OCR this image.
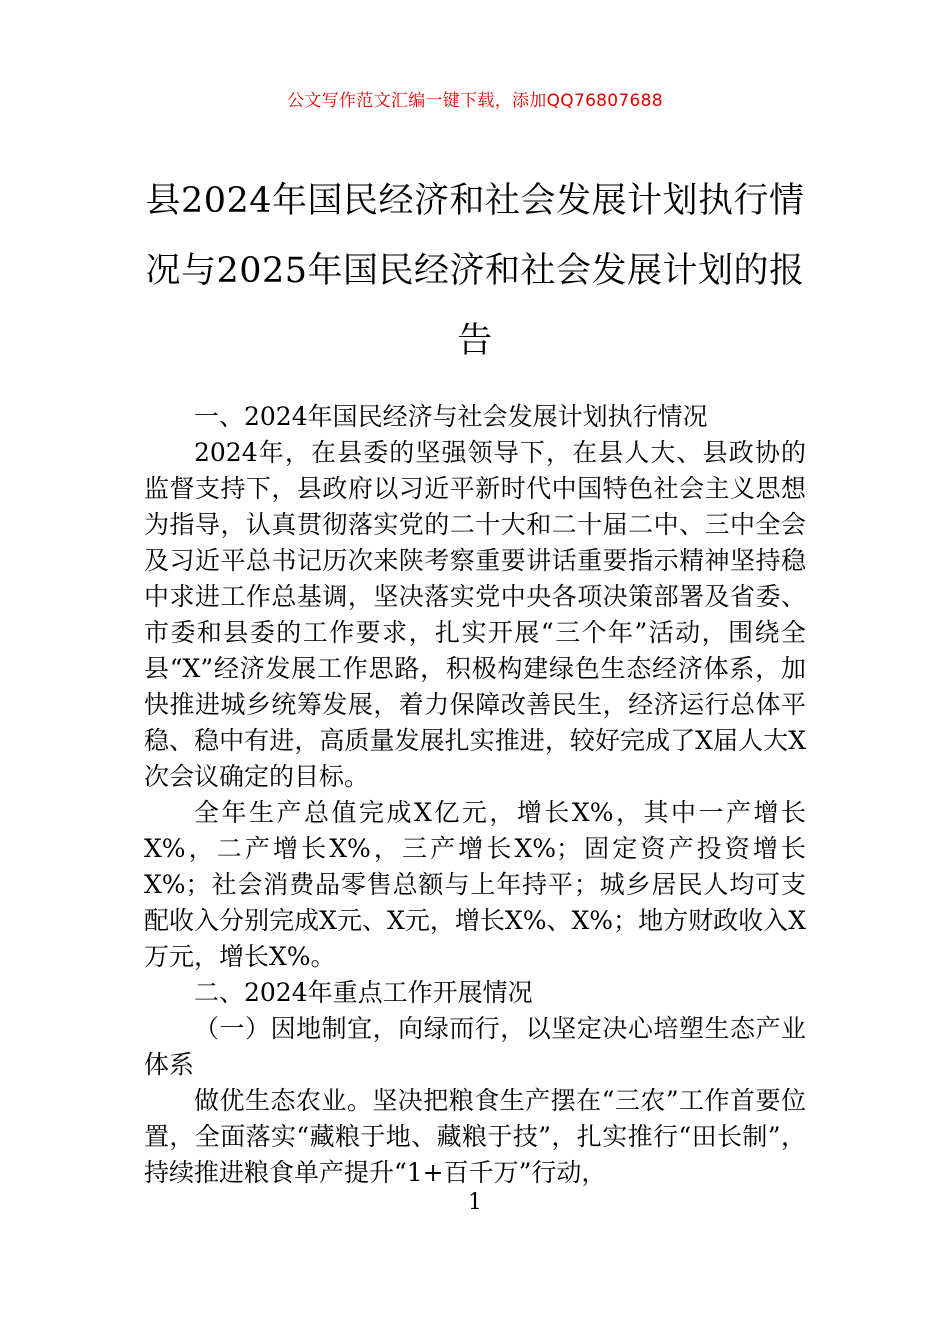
公文写作范文汇编一键下载，添加QQ76807688
县2024年国民经济和社会发展计划执行情
况与2025年国民经济和社会发展计划的报
告

一、2024年国民经济与社会发展计划执行情况

2024年，在县委的坚强领导下，在县人大、县政协的监督支持下，县政府以习近平新时代中国特色社会主义思想为指导，认真贯彻落实党的二十大和二十届二中、三中全会及习近平总书记历次来陕考察重要讲话重要指示精神坚持稳中求进工作总基调，坚决落实党中央各项决策部署及省委、市委和县委的工作要求，扎实开展“三个年”活动，围绕全县“X”经济发展工作思路，积极构建绿色生态经济体系，加快推进城乡统筹发展，着力保障改善民生，经济运行总体平稳、稳中有进，高质量发展扎实推进，较好完成了X届人大X次会议确定的目标。

全年生产总值完成X亿元，增长X%，其中一产增长X%，二产增长X%，三产增长X%；固定资产投资增长X%；社会消费品零售总额与上年持平；城乡居民人均可支配收入分别完成X元、X元，增长X%、X%；地方财政收入X万元，增长X%。

二、2024年重点工作开展情况

（一）因地制宜，向绿而行，以坚定决心培塑生态产业体系

做优生态农业。坚决把粮食生产摆在“三农”工作首要位置，全面落实“藏粮于地、藏粮于技”，扎实推行“田长制”，持续推进粮食单产提升“1+百千万”行动，

1
